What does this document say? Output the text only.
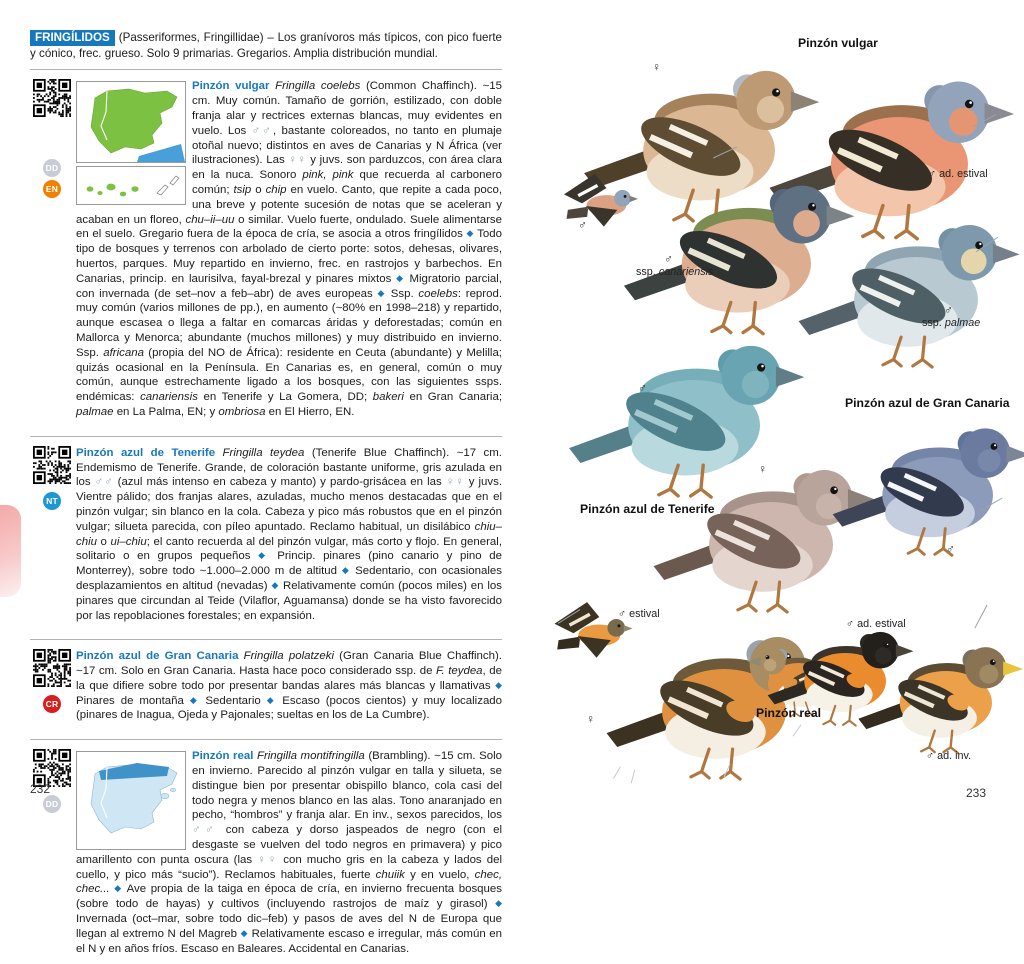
FRINGÍLIDOS (Passeriformes, Fringillidae) – Los granívoros más típicos, con pico fuerte y cónico, frec. grueso. Solo 9 primarias. Gregarios. Amplia distribución mundial.
DD
EN
Pinzón vulgar Fringilla coelebs (Common Chaffinch). ~15 cm. Muy común. Tamaño de gorrión, estilizado, con doble franja alar y rectrices externas blancas, muy evidentes en vuelo. Los ♂♂, bastante coloreados, no tanto en plumaje otoñal nuevo; distintos en aves de Canarias y N África (ver ilustraciones). Las ♀♀ y juvs. son parduzcos, con área clara en la nuca. Sonoro pink, pink que recuerda al carbonero común; tsip o chip en vuelo. Canto, que repite a cada poco, una breve y potente sucesión de notas que se aceleran y acaban en un floreo, chu–ii–uu o similar. Vuelo fuerte, ondulado. Suele alimentarse en el suelo. Gregario fuera de la época de cría, se asocia a otros fringílidos ◆ Todo tipo de bosques y terrenos con arbolado de cierto porte: sotos, dehesas, olivares, huertos, parques. Muy repartido en invierno, frec. en rastrojos y barbechos. En Canarias, princip. en laurisilva, fayal-brezal y pinares mixtos ◆ Migratorio parcial, con invernada (de set–nov a feb–abr) de aves europeas ◆ Ssp. coelebs: reprod. muy común (varios millones de pp.), en aumento (~80% en 1998–218) y repartido, aunque escasea o llega a faltar en comarcas áridas y deforestadas; común en Mallorca y Menorca; abundante (muchos millones) y muy distribuido en invierno. Ssp. africana (propia del NO de África): residente en Ceuta (abundante) y Melilla; quizás ocasional en la Península. En Canarias es, en general, común o muy común, aunque estrechamente ligado a los bosques, con las siguientes ssps. endémicas: canariensis en Tenerife y La Gomera, DD; bakeri en Gran Canaria; palmae en La Palma, EN; y ombriosa en El Hierro, EN.
NT
Pinzón azul de Tenerife Fringilla teydea (Tenerife Blue Chaffinch). ~17 cm. Endemismo de Tenerife. Grande, de coloración bastante uniforme, gris azulada en los ♂♂ (azul más intenso en cabeza y manto) y pardo-grisácea en las ♀♀ y juvs. Vientre pálido; dos franjas alares, azuladas, mucho menos destacadas que en el pinzón vulgar; sin blanco en la cola. Cabeza y pico más robustos que en el pinzón vulgar; silueta parecida, con píleo apuntado. Reclamo habitual, un disilábico chiu–chiu o ui–chiu; el canto recuerda al del pinzón vulgar, más corto y flojo. En general, solitario o en grupos pequeños ◆ Princip. pinares (pino canario y pino de Monterrey), sobre todo ~1.000–2.000 m de altitud ◆ Sedentario, con ocasionales desplazamientos en altitud (nevadas) ◆ Relativamente común (pocos miles) en los pinares que circundan al Teide (Vilaflor, Aguamansa) donde se ha visto favorecido por las repoblaciones forestales; en expansión.
CR
Pinzón azul de Gran Canaria Fringilla polatzeki (Gran Canaria Blue Chaffinch). ~17 cm. Solo en Gran Canaria. Hasta hace poco considerado ssp. de F. teydea, de la que difiere sobre todo por presentar bandas alares más blancas y llamativas ◆ Pinares de montaña ◆ Sedentario ◆ Escaso (pocos cientos) y muy localizado (pinares de Inagua, Ojeda y Pajonales; sueltas en los de La Cumbre).
DD
Pinzón real Fringilla montifringilla (Brambling). ~15 cm. Solo en invierno. Parecido al pinzón vulgar en talla y silueta, se distingue bien por presentar obispillo blanco, cola casi del todo negra y menos blanco en las alas. Tono anaranjado en pecho, “hombros” y franja alar. En inv., sexos parecidos, los ♂♂ con cabeza y dorso jaspeados de negro (con el desgaste se vuelven del todo negros en primavera) y pico amarillento con punta oscura (las ♀♀ con mucho gris en la cabeza y lados del cuello, y pico más “sucio”). Reclamos habituales, fuerte chuiik y en vuelo, chec, chec... ◆ Ave propia de la taiga en época de cría, en invierno frecuenta bosques (sobre todo de hayas) y cultivos (incluyendo rastrojos de maíz y girasol) ◆ Invernada (oct–mar, sobre todo dic–feb) y pasos de aves del N de Europa que llegan al extremo N del Magreb ◆ Relativamente escaso e irregular, más común en el N y en años fríos. Escaso en Baleares. Accidental en Canarias.
232	233
Pinzón vulgar
Pinzón azul de Gran Canaria
Pinzón azul de Tenerife
Pinzón real
♀
♂ ad. estival
♂
♂
ssp. canariensis
♂
ssp. palmae
♂
♀
♂
♂ estival
♂ ad. estival
♀
♂ ad. inv.
